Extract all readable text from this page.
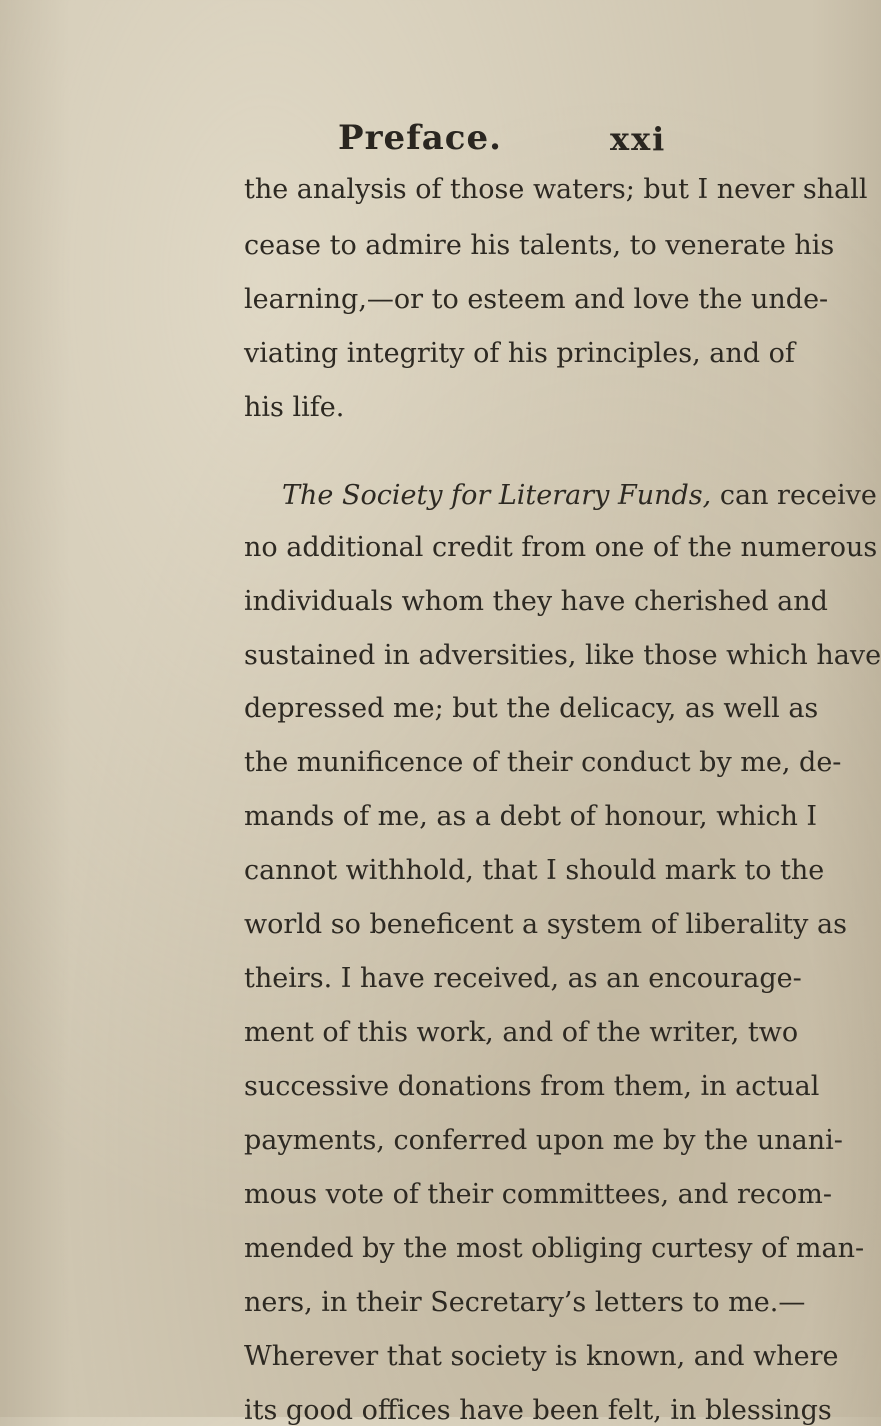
Preface.	xxi
the analysis of those waters; but I never shall
cease to admire his talents, to venerate his
learning,—or to esteem and love the unde-
viating integrity of his principles, and of
his life.
The Society for Literary Funds, can receive
no additional credit from one of the numerous
individuals whom they have cherished and
sustained in adversities, like those which have
depressed me; but the delicacy, as well as
the munificence of their conduct by me, de-
mands of me, as a debt of honour, which I
cannot withhold, that I should mark to the
world so beneficent a system of liberality as
theirs. I have received, as an encourage-
ment of this work, and of the writer, two
successive donations from them, in actual
payments, conferred upon me by the unani-
mous vote of their committees, and recom-
mended by the most obliging curtesy of man-
ners, in their Secretary’s letters to me.—
Wherever that society is known, and where
its good offices have been felt, in blessings
